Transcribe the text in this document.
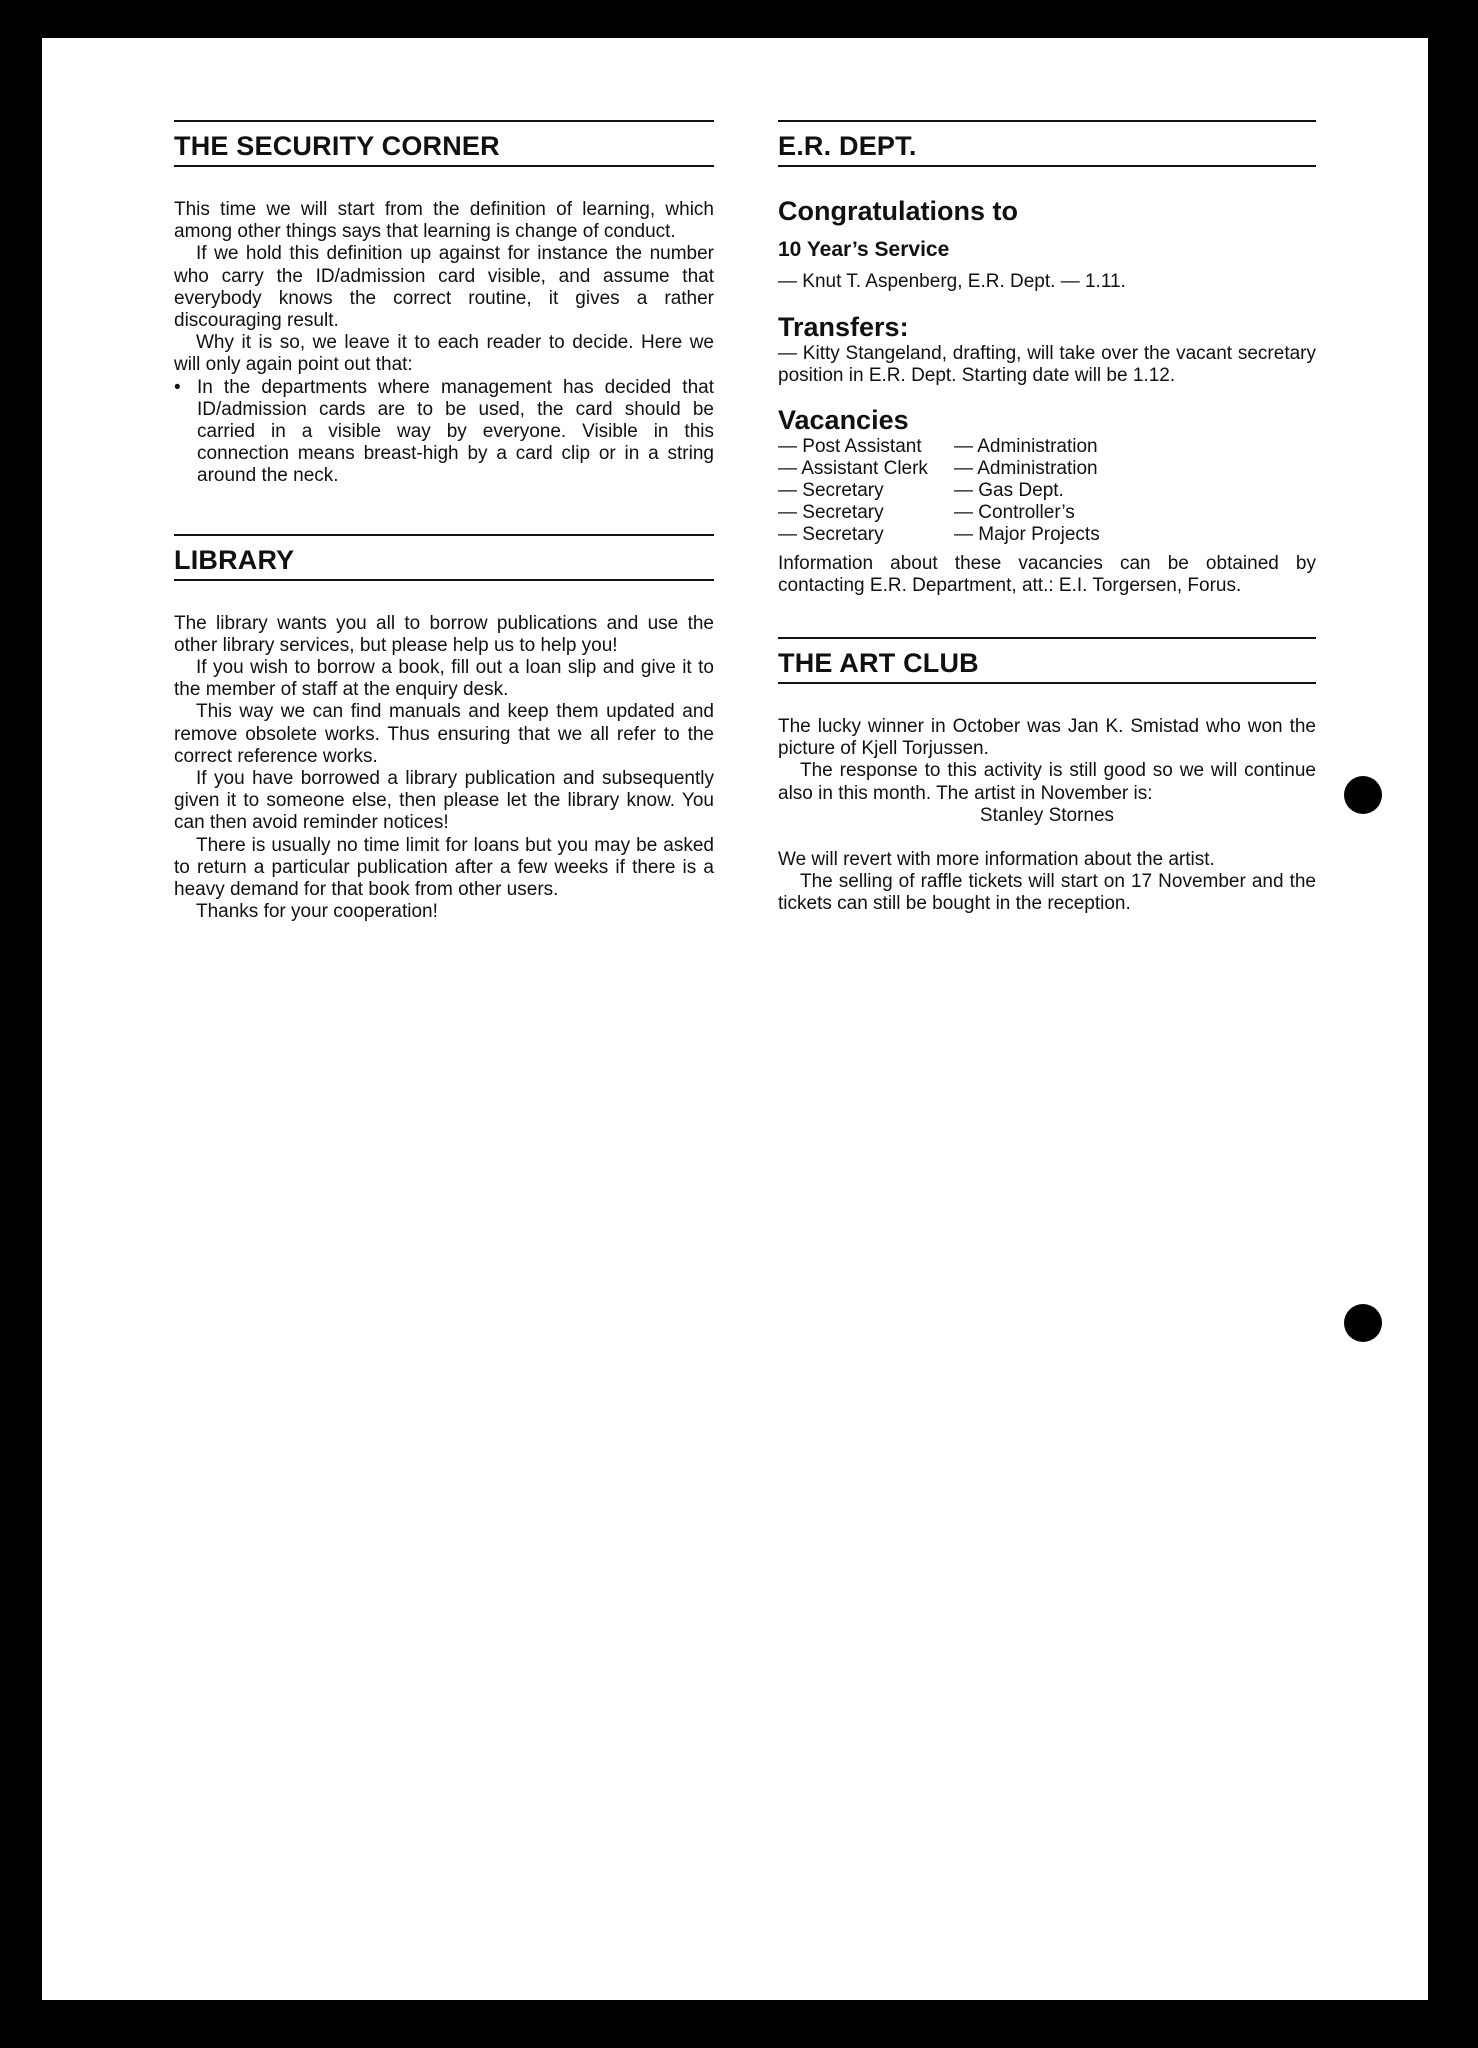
THE SECURITY CORNER

This time we will start from the definition of learning, which among other things says that learning is change of conduct.

If we hold this definition up against for instance the number who carry the ID/admission card visible, and assume that everybody knows the correct routine, it gives a rather discouraging result.

Why it is so, we leave it to each reader to decide. Here we will only again point out that:

• In the departments where management has decided that ID/admission cards are to be used, the card should be carried in a visible way by everyone. Visible in this connection means breast-high by a card clip or in a string around the neck.
LIBRARY

The library wants you all to borrow publications and use the other library services, but please help us to help you!

If you wish to borrow a book, fill out a loan slip and give it to the member of staff at the enquiry desk.

This way we can find manuals and keep them updated and remove obsolete works. Thus ensuring that we all refer to the correct reference works.

If you have borrowed a library publication and subsequently given it to someone else, then please let the library know. You can then avoid reminder notices!

There is usually no time limit for loans but you may be asked to return a particular publication after a few weeks if there is a heavy demand for that book from other users.

Thanks for your cooperation!

E.R. DEPT.
Congratulations to
10 Year’s Service

— Knut T. Aspenberg, E.R. Dept. — 1.11.

Transfers:

— Kitty Stangeland, drafting, will take over the vacant secretary position in E.R. Dept. Starting date will be 1.12.

Vacancies
— Post Assistant	— Administration
— Assistant Clerk	— Administration
— Secretary	— Gas Dept.
— Secretary	— Controller’s
— Secretary	— Major Projects

Information about these vacancies can be obtained by contacting E.R. Department, att.: E.I. Torgersen, Forus.

THE ART CLUB

The lucky winner in October was Jan K. Smistad who won the picture of Kjell Torjussen.

The response to this activity is still good so we will continue also in this month. The artist in November is:

Stanley Stornes

We will revert with more information about the artist.

The selling of raffle tickets will start on 17 November and the tickets can still be bought in the reception.
